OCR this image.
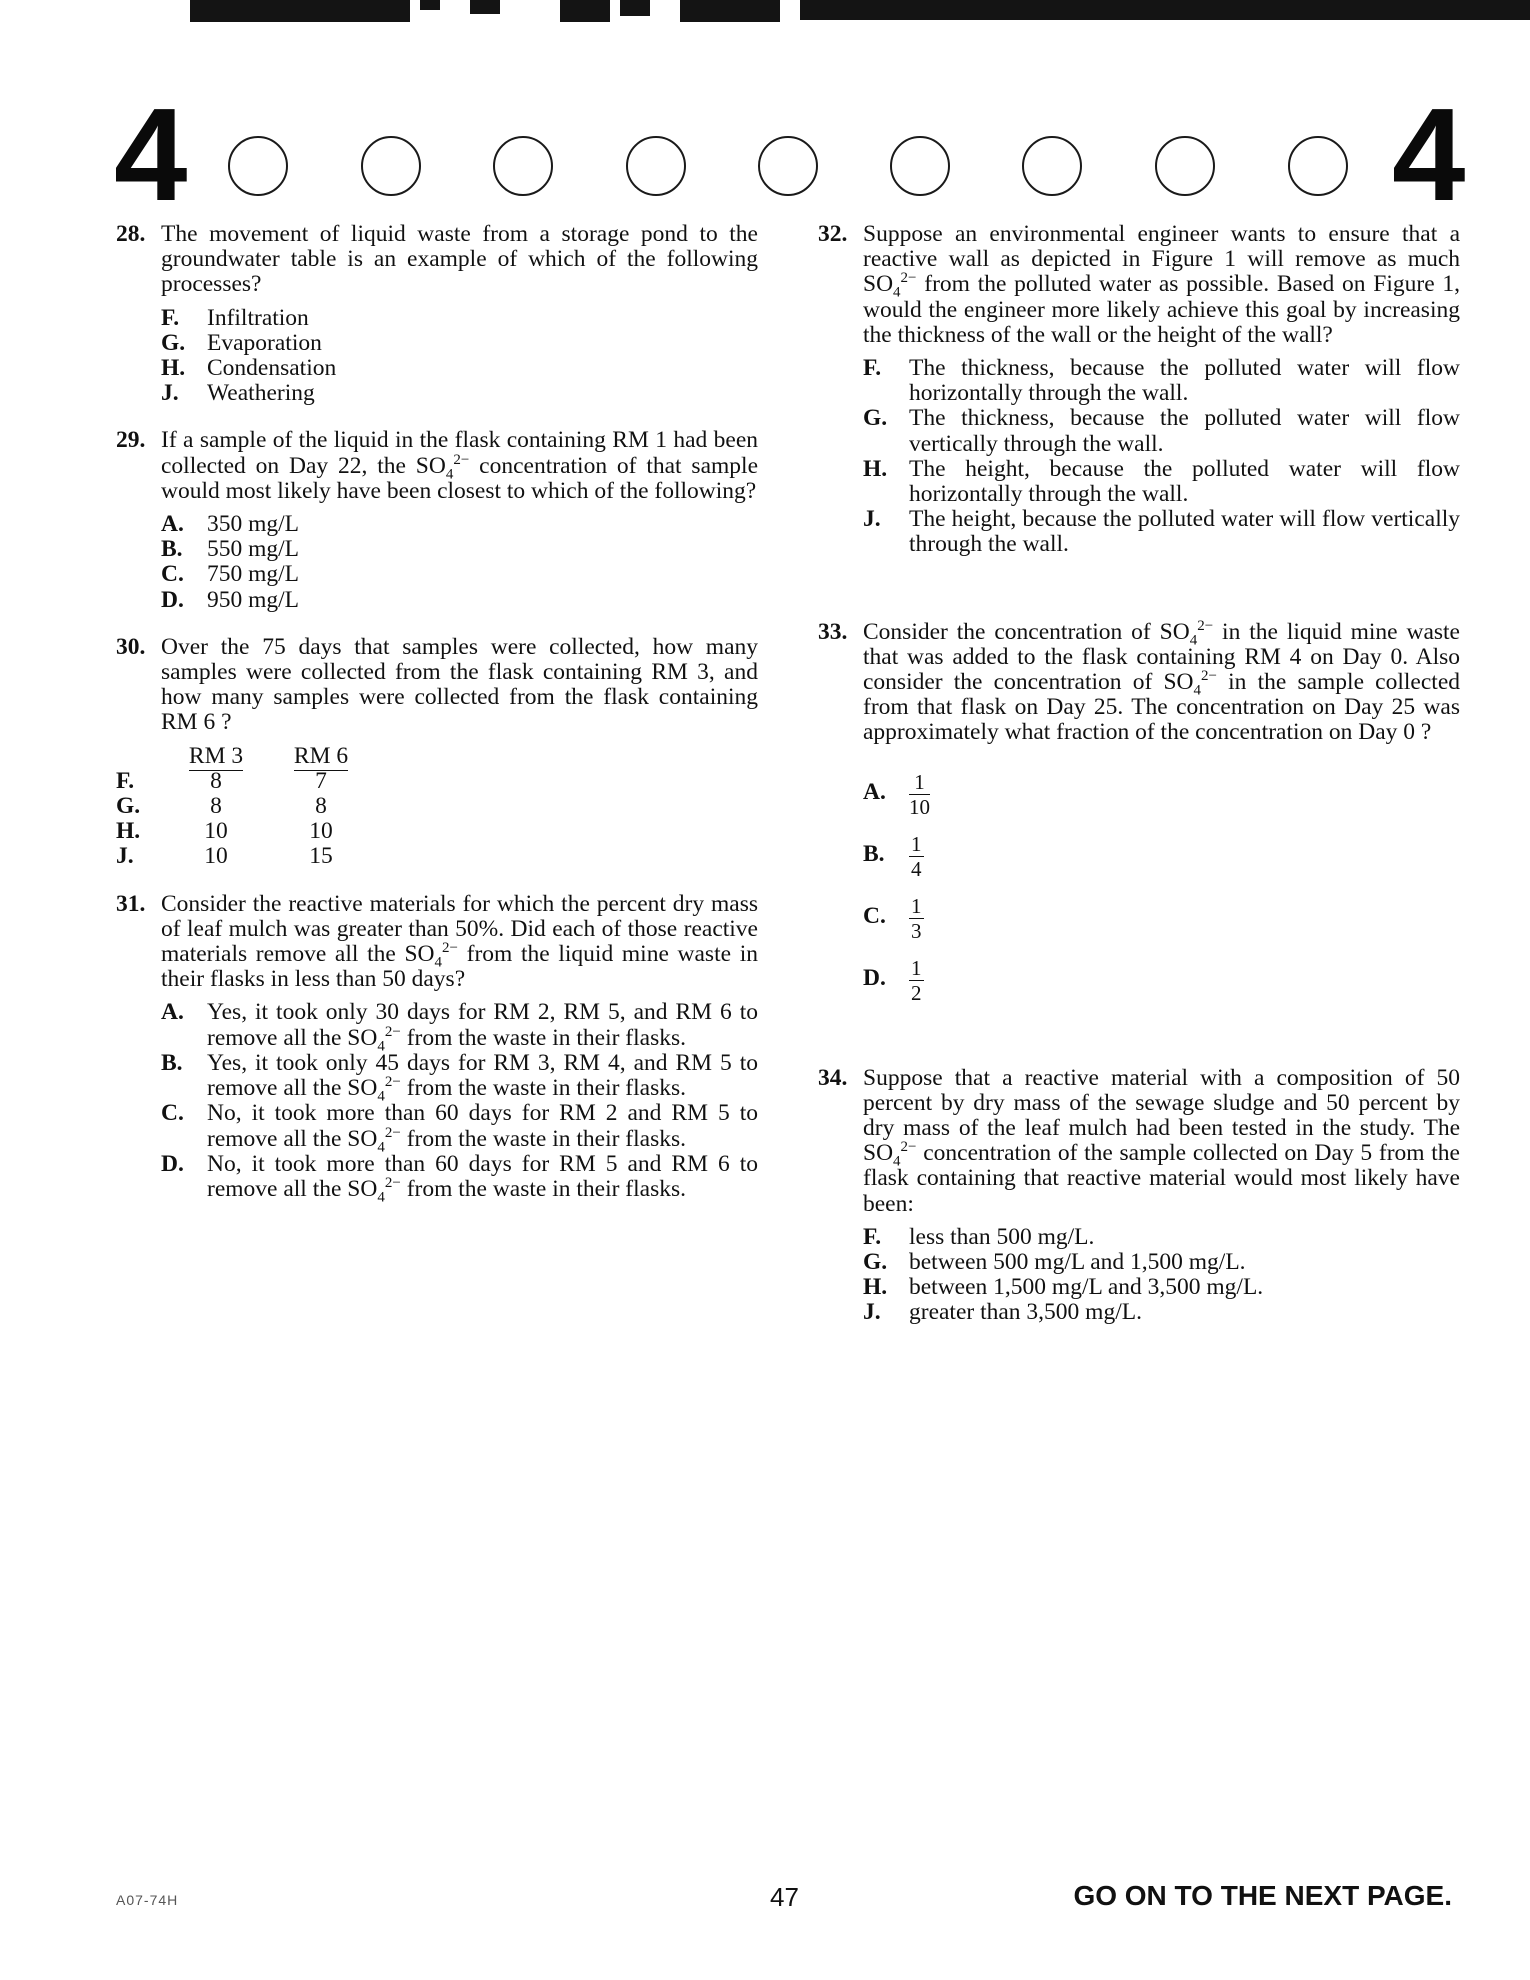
4	4
28. The movement of liquid waste from a storage pond to the groundwater table is an example of which of the following processes?
F. Infiltration
G. Evaporation
H. Condensation
J. Weathering
29. If a sample of the liquid in the flask containing RM 1 had been collected on Day 22, the $SO_4^{2-}$ concentration of that sample would most likely have been closest to which of the following?
A. 350 mg/L
B. 550 mg/L
C. 750 mg/L
D. 950 mg/L
30. Over the 75 days that samples were collected, how many samples were collected from the flask containing RM 3, and how many samples were collected from the flask containing RM 6 ?
	RM 3	RM 6
F.	8	7
G.	8	8
H.	10	10
J.	10	15
31. Consider the reactive materials for which the percent dry mass of leaf mulch was greater than 50%. Did each of those reactive materials remove all the $SO_4^{2-}$ from the liquid mine waste in their flasks in less than 50 days?
A. Yes, it took only 30 days for RM 2, RM 5, and RM 6 to remove all the $SO_4^{2-}$ from the waste in their flasks.
B. Yes, it took only 45 days for RM 3, RM 4, and RM 5 to remove all the $SO_4^{2-}$ from the waste in their flasks.
C. No, it took more than 60 days for RM 2 and RM 5 to remove all the $SO_4^{2-}$ from the waste in their flasks.
D. No, it took more than 60 days for RM 5 and RM 6 to remove all the $SO_4^{2-}$ from the waste in their flasks.
32. Suppose an environmental engineer wants to ensure that a reactive wall as depicted in Figure 1 will remove as much $SO_4^{2-}$ from the polluted water as possible. Based on Figure 1, would the engineer more likely achieve this goal by increasing the thickness of the wall or the height of the wall?
F. The thickness, because the polluted water will flow horizontally through the wall.
G. The thickness, because the polluted water will flow vertically through the wall.
H. The height, because the polluted water will flow horizontally through the wall.
J. The height, because the polluted water will flow vertically through the wall.
33. Consider the concentration of $SO_4^{2-}$ in the liquid mine waste that was added to the flask containing RM 4 on Day 0. Also consider the concentration of $SO_4^{2-}$ in the sample collected from that flask on Day 25. The concentration on Day 25 was approximately what fraction of the concentration on Day 0 ?
A. $\frac{1}{10}$
B. $\frac{1}{4}$
C. $\frac{1}{3}$
D. $\frac{1}{2}$
34. Suppose that a reactive material with a composition of 50 percent by dry mass of the sewage sludge and 50 percent by dry mass of the leaf mulch had been tested in the study. The $SO_4^{2-}$ concentration of the sample collected on Day 5 from the flask containing that reactive material would most likely have been:
F. less than 500 mg/L.
G. between 500 mg/L and 1,500 mg/L.
H. between 1,500 mg/L and 3,500 mg/L.
J. greater than 3,500 mg/L.
A07-74H	47	GO ON TO THE NEXT PAGE.
